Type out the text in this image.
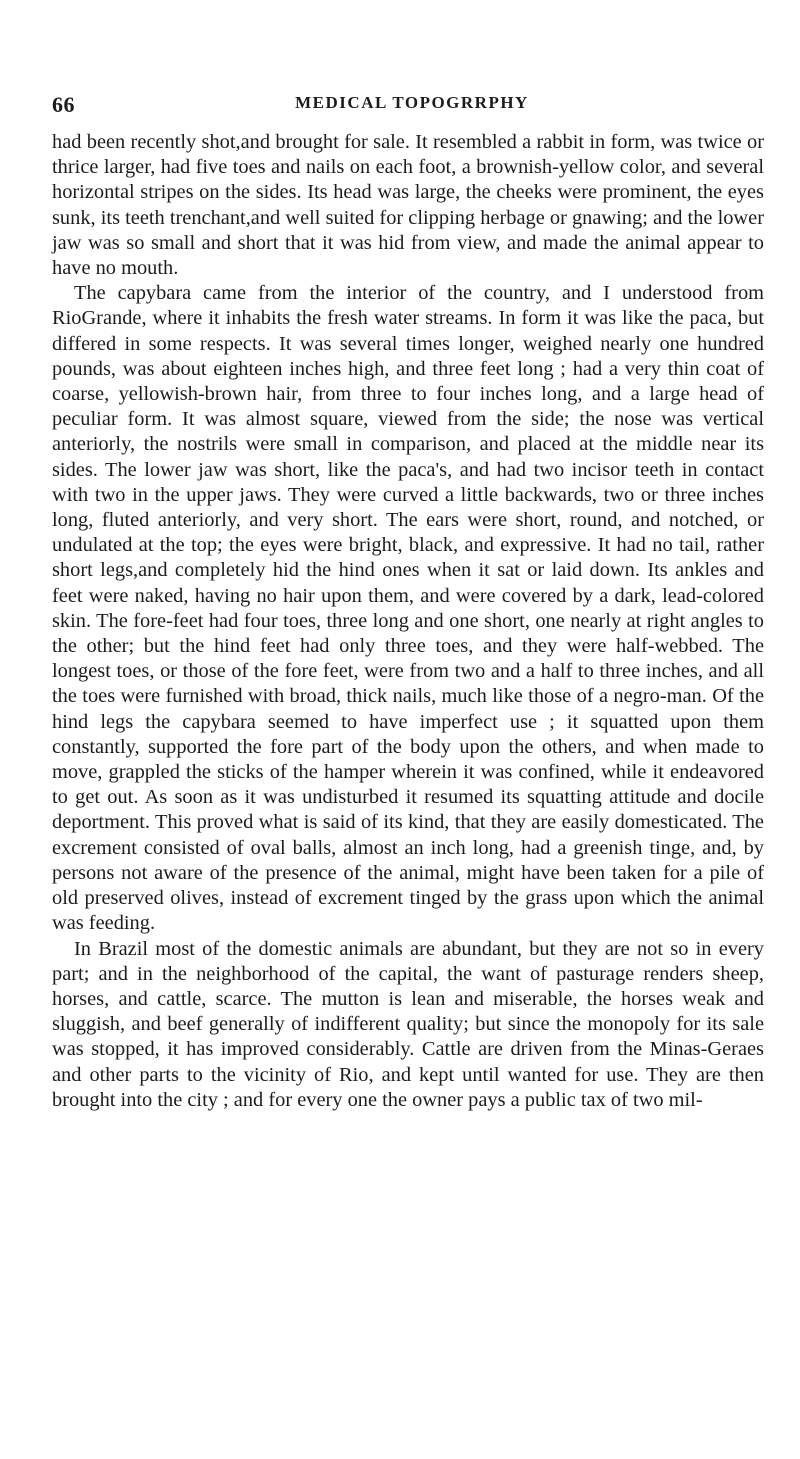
66	MEDICAL TOPOGRRPHY

had been recently shot,and brought for sale. It resembled a rabbit in form, was twice or thrice larger, had five toes and nails on each foot, a brownish-yellow color, and several horizontal stripes on the sides. Its head was large, the cheeks were prominent, the eyes sunk, its teeth trenchant,and well suited for clipping herbage or gnawing; and the lower jaw was so small and short that it was hid from view, and made the animal appear to have no mouth.

The capybara came from the interior of the country, and I understood from RioGrande, where it inhabits the fresh water streams. In form it was like the paca, but differed in some respects. It was several times longer, weighed nearly one hundred pounds, was about eighteen inches high, and three feet long ; had a very thin coat of coarse, yellowish-brown hair, from three to four inches long, and a large head of peculiar form. It was almost square, viewed from the side; the nose was vertical anteriorly, the nostrils were small in comparison, and placed at the middle near its sides. The lower jaw was short, like the paca's, and had two incisor teeth in contact with two in the upper jaws. They were curved a little backwards, two or three inches long, fluted anteriorly, and very short. The ears were short, round, and notched, or undulated at the top; the eyes were bright, black, and expressive. It had no tail, rather short legs,and completely hid the hind ones when it sat or laid down. Its ankles and feet were naked, having no hair upon them, and were covered by a dark, lead-colored skin. The fore-feet had four toes, three long and one short, one nearly at right angles to the other; but the hind feet had only three toes, and they were half-webbed. The longest toes, or those of the fore feet, were from two and a half to three inches, and all the toes were furnished with broad, thick nails, much like those of a negro-man. Of the hind legs the capybara seemed to have imperfect use ; it squatted upon them constantly, supported the fore part of the body upon the others, and when made to move, grappled the sticks of the hamper wherein it was confined, while it endeavored to get out. As soon as it was undisturbed it resumed its squatting attitude and docile deportment. This proved what is said of its kind, that they are easily domesticated. The excrement consisted of oval balls, almost an inch long, had a greenish tinge, and, by persons not aware of the presence of the animal, might have been taken for a pile of old preserved olives, instead of excrement tinged by the grass upon which the animal was feeding.

In Brazil most of the domestic animals are abundant, but they are not so in every part; and in the neighborhood of the capital, the want of pasturage renders sheep, horses, and cattle, scarce. The mutton is lean and miserable, the horses weak and sluggish, and beef generally of indifferent quality; but since the monopoly for its sale was stopped, it has improved considerably. Cattle are driven from the Minas-Geraes and other parts to the vicinity of Rio, and kept until wanted for use. They are then brought into the city ; and for every one the owner pays a public tax of two mil-
